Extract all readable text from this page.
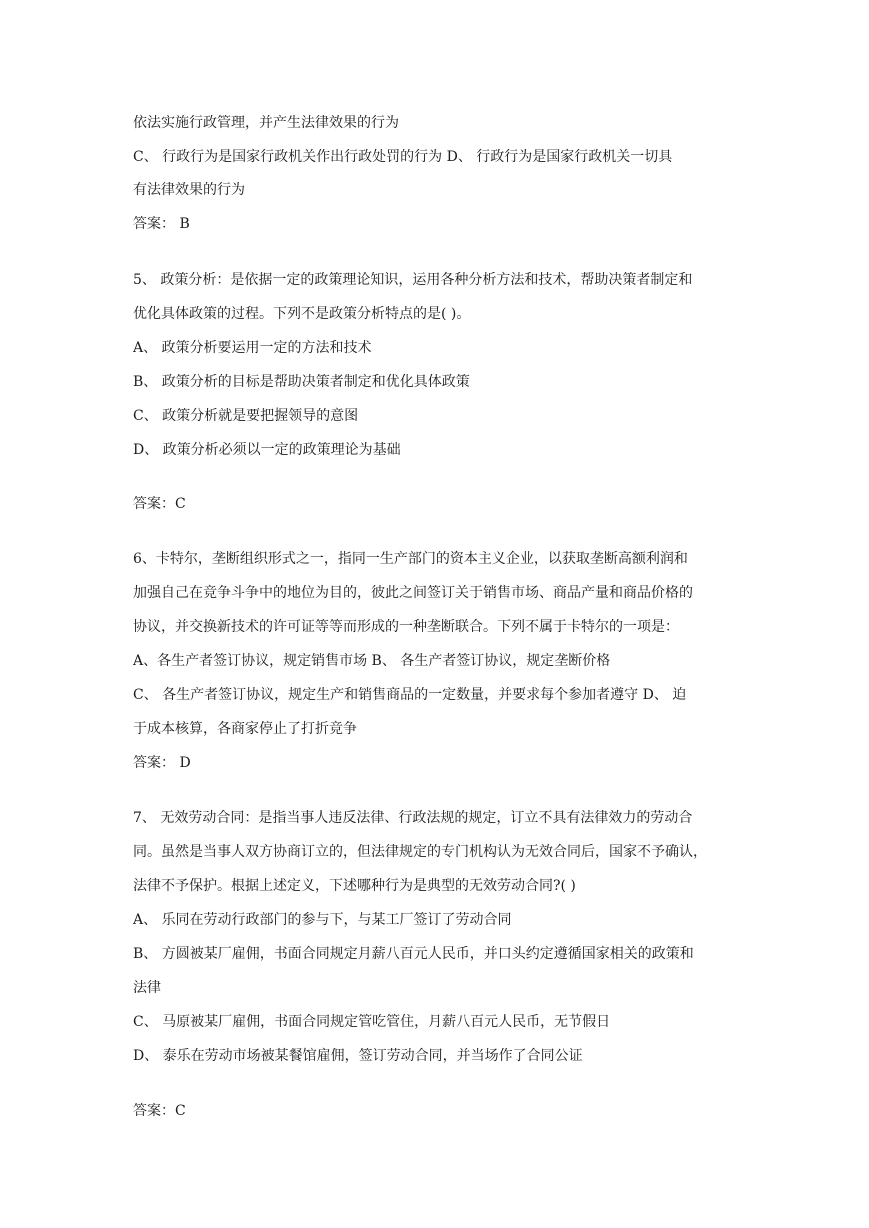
依法实施行政管理，并产生法律效果的行为
C、 行政行为是国家行政机关作出行政处罚的行为 D、 行政行为是国家行政机关一切具
有法律效果的行为
答案： B
5、 政策分析：是依据一定的政策理论知识，运用各种分析方法和技术，帮助决策者制定和
优化具体政策的过程。下列不是政策分析特点的是( )。
A、 政策分析要运用一定的方法和技术
B、 政策分析的目标是帮助决策者制定和优化具体政策
C、 政策分析就是要把握领导的意图
D、 政策分析必须以一定的政策理论为基础
答案：C
6、卡特尔，垄断组织形式之一，指同一生产部门的资本主义企业，以获取垄断高额利润和
加强自己在竞争斗争中的地位为目的，彼此之间签订关于销售市场、商品产量和商品价格的
协议，并交换新技术的许可证等等而形成的一种垄断联合。下列不属于卡特尔的一项是：
A、各生产者签订协议，规定销售市场 B、 各生产者签订协议，规定垄断价格
C、 各生产者签订协议，规定生产和销售商品的一定数量，并要求每个参加者遵守 D、 迫
于成本核算，各商家停止了打折竞争
答案： D
7、 无效劳动合同：是指当事人违反法律、行政法规的规定，订立不具有法律效力的劳动合
同。虽然是当事人双方协商订立的，但法律规定的专门机构认为无效合同后，国家不予确认，
法律不予保护。根据上述定义，下述哪种行为是典型的无效劳动合同?( )
A、 乐同在劳动行政部门的参与下，与某工厂签订了劳动合同
B、 方圆被某厂雇佣，书面合同规定月薪八百元人民币，并口头约定遵循国家相关的政策和
法律
C、 马原被某厂雇佣，书面合同规定管吃管住，月薪八百元人民币，无节假日
D、 泰乐在劳动市场被某餐馆雇佣，签订劳动合同，并当场作了合同公证
答案：C
